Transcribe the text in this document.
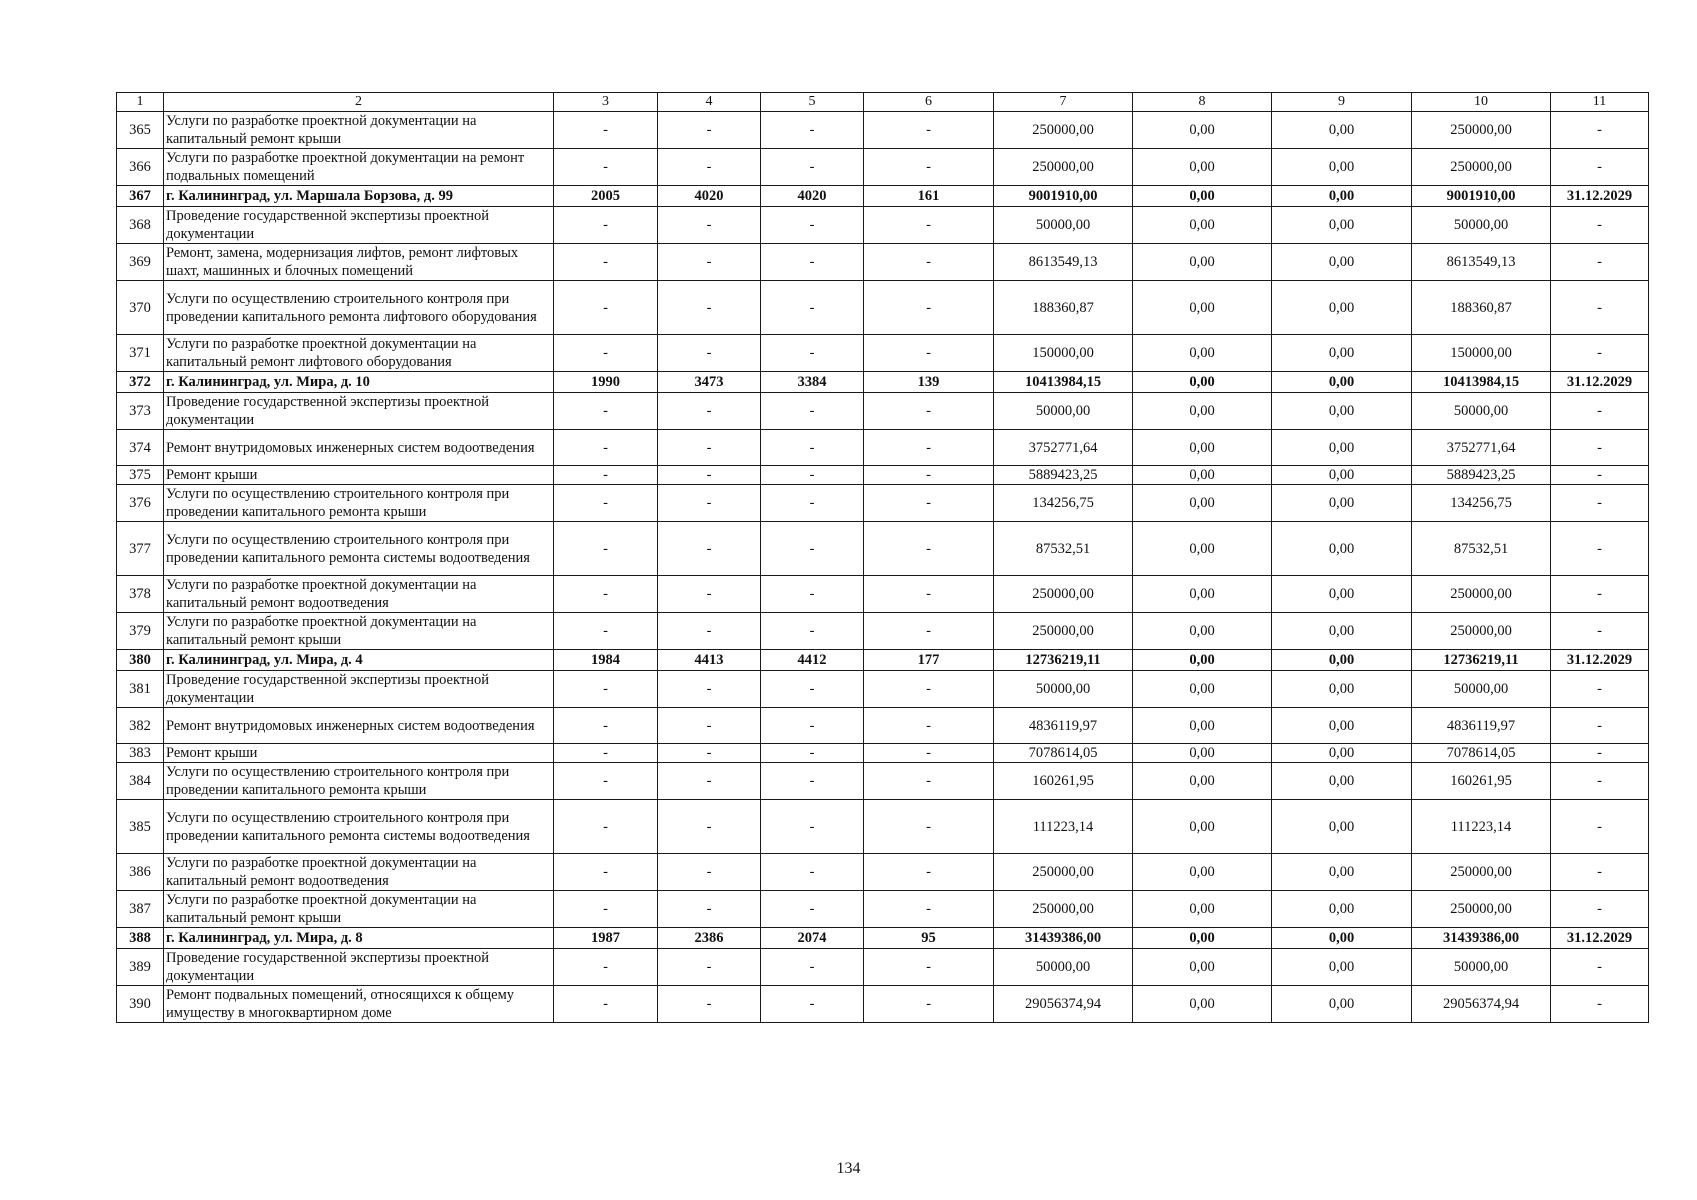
1	2	3	4	5	6	7	8	9	10	11
365	Услуги по разработке проектной документации на капитальный ремонт крыши	-	-	-	-	250000,00	0,00	0,00	250000,00	-
366	Услуги по разработке проектной документации на ремонт подвальных помещений	-	-	-	-	250000,00	0,00	0,00	250000,00	-
367	г. Калининград, ул. Маршала Борзова, д. 99	2005	4020	4020	161	9001910,00	0,00	0,00	9001910,00	31.12.2029
368	Проведение государственной экспертизы проектной документации	-	-	-	-	50000,00	0,00	0,00	50000,00	-
369	Ремонт, замена, модернизация лифтов, ремонт лифтовых шахт, машинных и блочных помещений	-	-	-	-	8613549,13	0,00	0,00	8613549,13	-
370	Услуги по осуществлению строительного контроля при проведении капитального ремонта лифтового оборудования	-	-	-	-	188360,87	0,00	0,00	188360,87	-
371	Услуги по разработке проектной документации на капитальный ремонт лифтового оборудования	-	-	-	-	150000,00	0,00	0,00	150000,00	-
372	г. Калининград, ул. Мира, д. 10	1990	3473	3384	139	10413984,15	0,00	0,00	10413984,15	31.12.2029
373	Проведение государственной экспертизы проектной документации	-	-	-	-	50000,00	0,00	0,00	50000,00	-
374	Ремонт внутридомовых инженерных систем водоотведения	-	-	-	-	3752771,64	0,00	0,00	3752771,64	-
375	Ремонт крыши	-	-	-	-	5889423,25	0,00	0,00	5889423,25	-
376	Услуги по осуществлению строительного контроля при проведении капитального ремонта крыши	-	-	-	-	134256,75	0,00	0,00	134256,75	-
377	Услуги по осуществлению строительного контроля при проведении капитального ремонта системы водоотведения	-	-	-	-	87532,51	0,00	0,00	87532,51	-
378	Услуги по разработке проектной документации на капитальный ремонт водоотведения	-	-	-	-	250000,00	0,00	0,00	250000,00	-
379	Услуги по разработке проектной документации на капитальный ремонт крыши	-	-	-	-	250000,00	0,00	0,00	250000,00	-
380	г. Калининград, ул. Мира, д. 4	1984	4413	4412	177	12736219,11	0,00	0,00	12736219,11	31.12.2029
381	Проведение государственной экспертизы проектной документации	-	-	-	-	50000,00	0,00	0,00	50000,00	-
382	Ремонт внутридомовых инженерных систем водоотведения	-	-	-	-	4836119,97	0,00	0,00	4836119,97	-
383	Ремонт крыши	-	-	-	-	7078614,05	0,00	0,00	7078614,05	-
384	Услуги по осуществлению строительного контроля при проведении капитального ремонта крыши	-	-	-	-	160261,95	0,00	0,00	160261,95	-
385	Услуги по осуществлению строительного контроля при проведении капитального ремонта системы водоотведения	-	-	-	-	111223,14	0,00	0,00	111223,14	-
386	Услуги по разработке проектной документации на капитальный ремонт водоотведения	-	-	-	-	250000,00	0,00	0,00	250000,00	-
387	Услуги по разработке проектной документации на капитальный ремонт крыши	-	-	-	-	250000,00	0,00	0,00	250000,00	-
388	г. Калининград, ул. Мира, д. 8	1987	2386	2074	95	31439386,00	0,00	0,00	31439386,00	31.12.2029
389	Проведение государственной экспертизы проектной документации	-	-	-	-	50000,00	0,00	0,00	50000,00	-
390	Ремонт подвальных помещений, относящихся к общему имуществу в многоквартирном доме	-	-	-	-	29056374,94	0,00	0,00	29056374,94	-
134
